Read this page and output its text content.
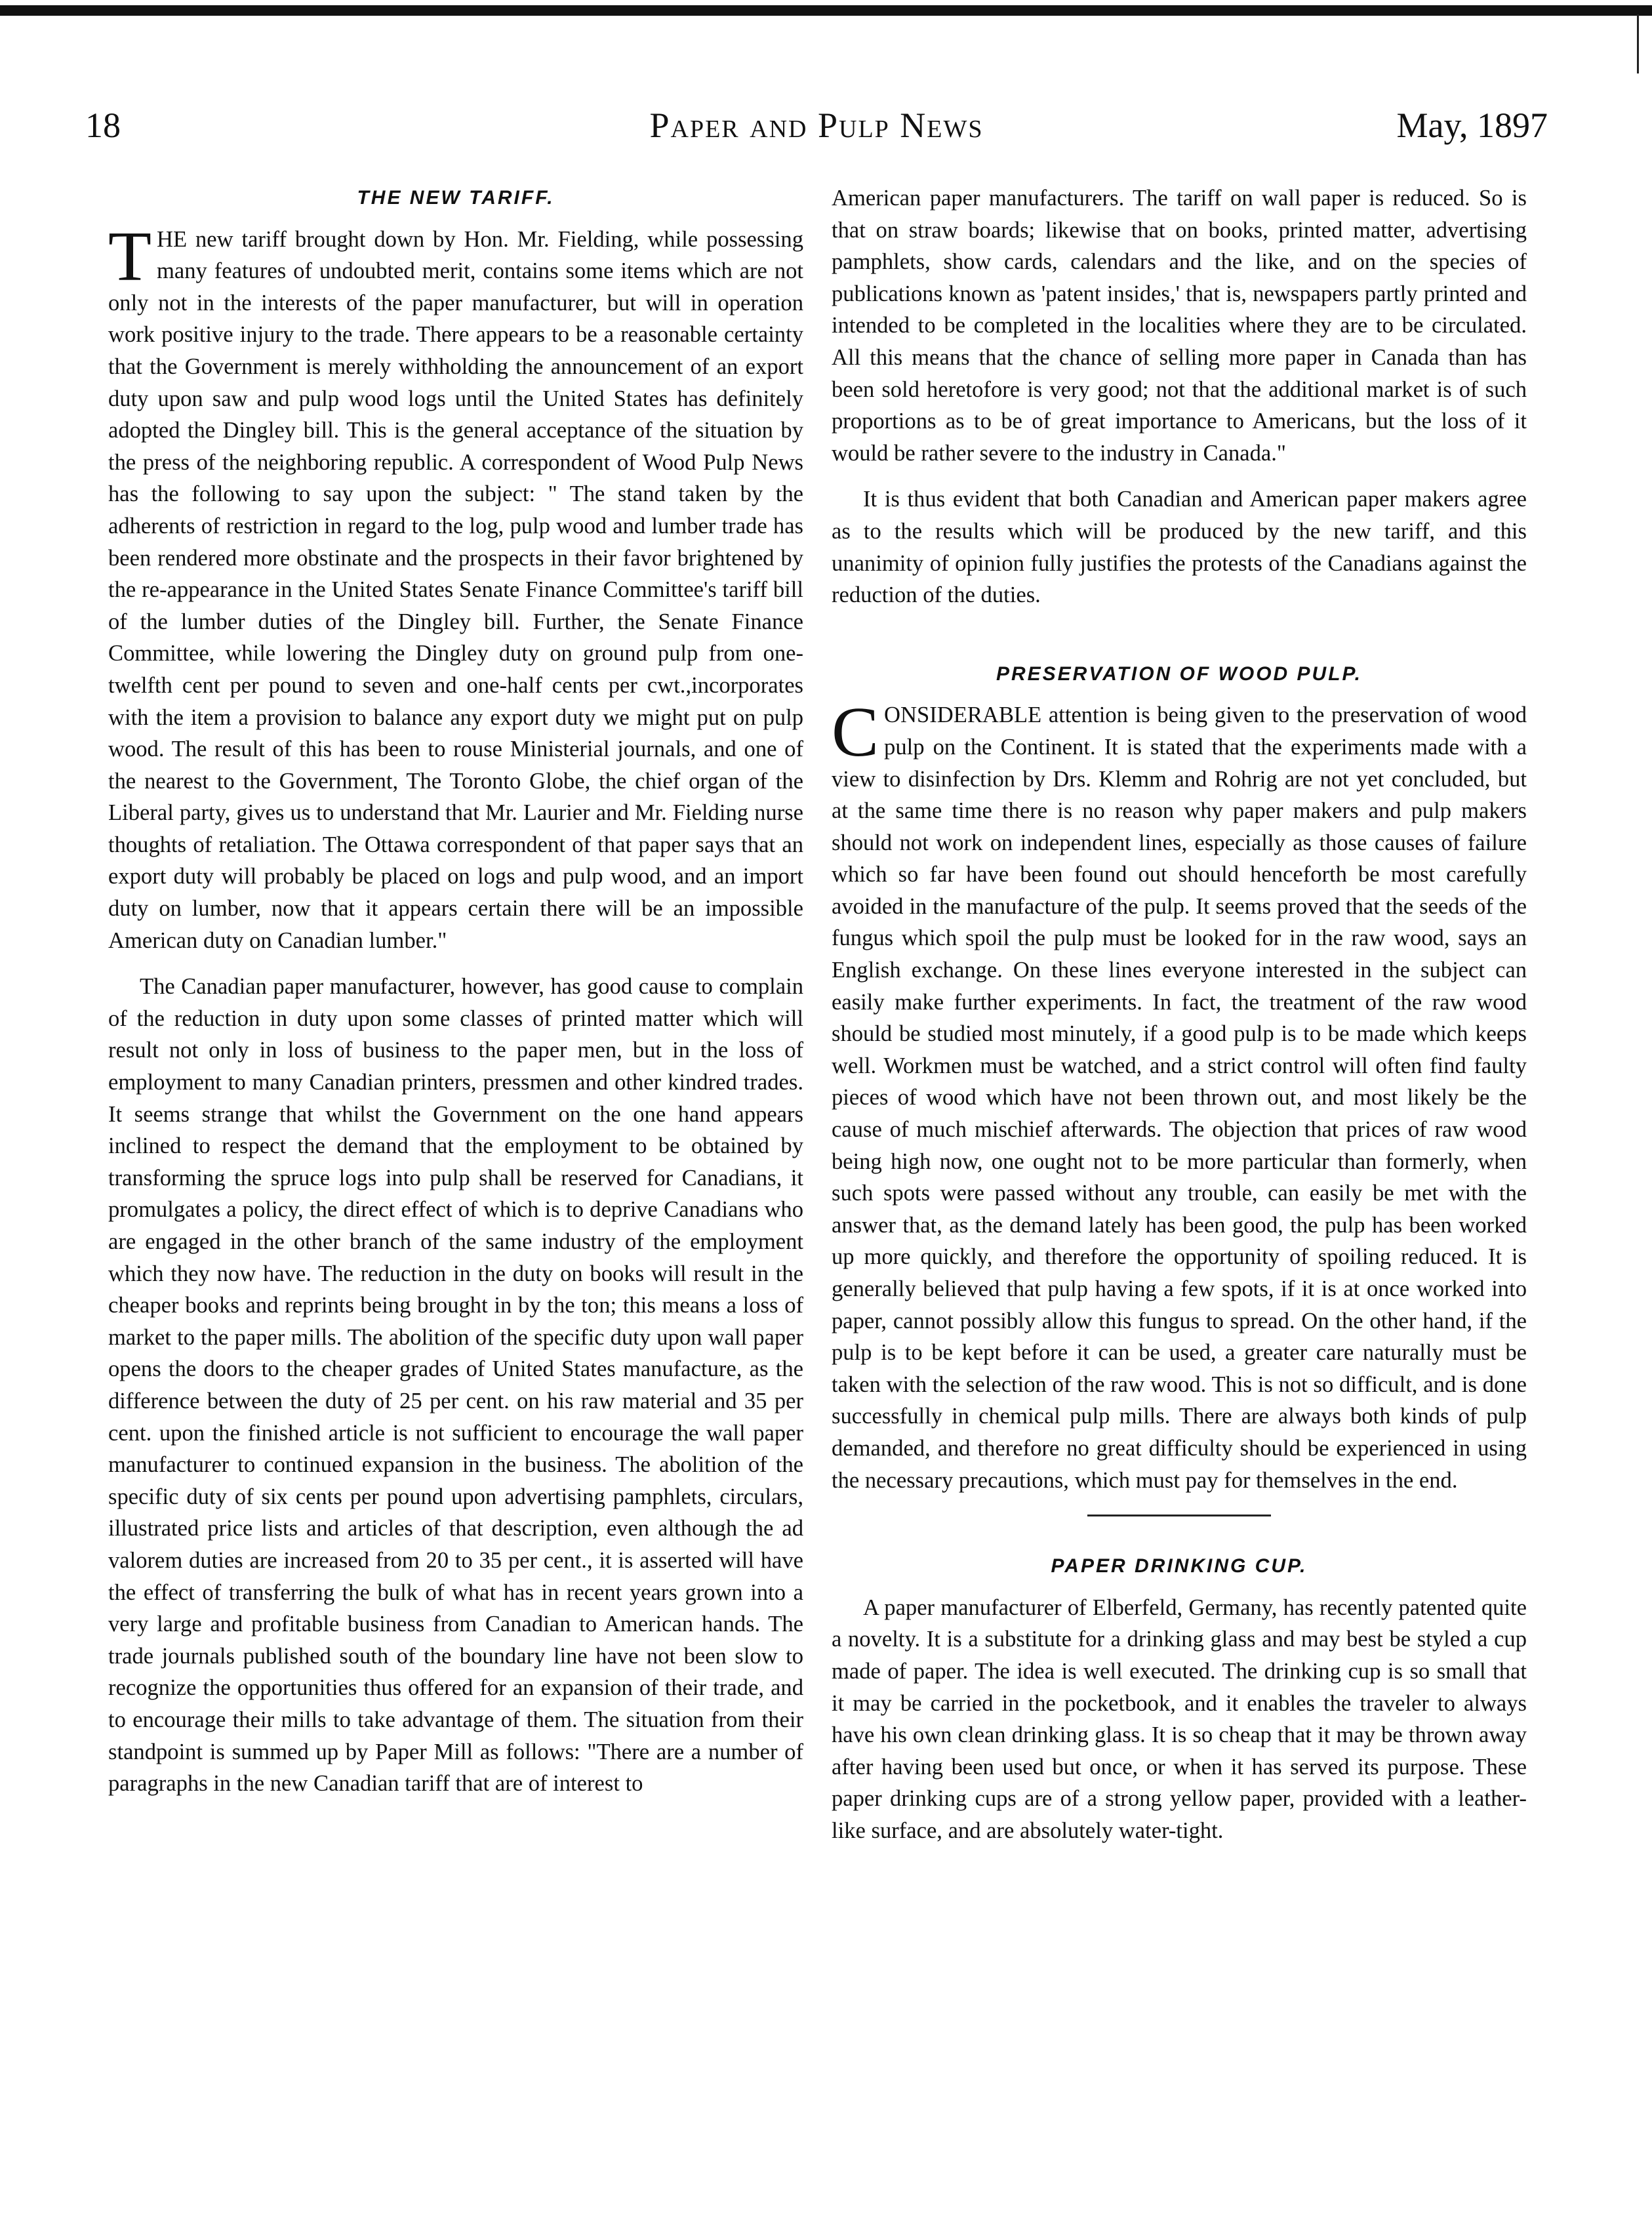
18	Paper and Pulp News	May, 1897
THE NEW TARIFF.

THE new tariff brought down by Hon. Mr. Fielding, while possessing many features of undoubted merit, contains some items which are not only not in the interests of the paper manufacturer, but will in operation work positive injury to the trade. There appears to be a reasonable certainty that the Government is merely withholding the announcement of an export duty upon saw and pulp wood logs until the United States has definitely adopted the Dingley bill. This is the general acceptance of the situation by the press of the neighboring republic. A correspondent of Wood Pulp News has the following to say upon the subject: " The stand taken by the adherents of restriction in regard to the log, pulp wood and lumber trade has been rendered more obstinate and the prospects in their favor brightened by the re-appearance in the United States Senate Finance Committee's tariff bill of the lumber duties of the Dingley bill. Further, the Senate Finance Committee, while lowering the Dingley duty on ground pulp from one-twelfth cent per pound to seven and one-half cents per cwt.,incorporates with the item a provision to balance any export duty we might put on pulp wood. The result of this has been to rouse Ministerial journals, and one of the nearest to the Government, The Toronto Globe, the chief organ of the Liberal party, gives us to understand that Mr. Laurier and Mr. Fielding nurse thoughts of retaliation. The Ottawa correspondent of that paper says that an export duty will probably be placed on logs and pulp wood, and an import duty on lumber, now that it appears certain there will be an impossible American duty on Canadian lumber."

The Canadian paper manufacturer, however, has good cause to complain of the reduction in duty upon some classes of printed matter which will result not only in loss of business to the paper men, but in the loss of employment to many Canadian printers, pressmen and other kindred trades. It seems strange that whilst the Government on the one hand appears inclined to respect the demand that the employment to be obtained by transforming the spruce logs into pulp shall be reserved for Canadians, it promulgates a policy, the direct effect of which is to deprive Canadians who are engaged in the other branch of the same industry of the employment which they now have. The reduction in the duty on books will result in the cheaper books and reprints being brought in by the ton; this means a loss of market to the paper mills. The abolition of the specific duty upon wall paper opens the doors to the cheaper grades of United States manufacture, as the difference between the duty of 25 per cent. on his raw material and 35 per cent. upon the finished article is not sufficient to encourage the wall paper manufacturer to continued expansion in the business. The abolition of the specific duty of six cents per pound upon advertising pamphlets, circulars, illustrated price lists and articles of that description, even although the ad valorem duties are increased from 20 to 35 per cent., it is asserted will have the effect of transferring the bulk of what has in recent years grown into a very large and profitable business from Canadian to American hands. The trade journals published south of the boundary line have not been slow to recognize the opportunities thus offered for an expansion of their trade, and to encourage their mills to take advantage of them. The situation from their standpoint is summed up by Paper Mill as follows: "There are a number of paragraphs in the new Canadian tariff that are of interest to

American paper manufacturers. The tariff on wall paper is reduced. So is that on straw boards; likewise that on books, printed matter, advertising pamphlets, show cards, calendars and the like, and on the species of publications known as 'patent insides,' that is, newspapers partly printed and intended to be completed in the localities where they are to be circulated. All this means that the chance of selling more paper in Canada than has been sold heretofore is very good; not that the additional market is of such proportions as to be of great importance to Americans, but the loss of it would be rather severe to the industry in Canada."

It is thus evident that both Canadian and American paper makers agree as to the results which will be produced by the new tariff, and this unanimity of opinion fully justifies the protests of the Canadians against the reduction of the duties.

PRESERVATION OF WOOD PULP.

CONSIDERABLE attention is being given to the preservation of wood pulp on the Continent. It is stated that the experiments made with a view to disinfection by Drs. Klemm and Rohrig are not yet concluded, but at the same time there is no reason why paper makers and pulp makers should not work on independent lines, especially as those causes of failure which so far have been found out should henceforth be most carefully avoided in the manufacture of the pulp. It seems proved that the seeds of the fungus which spoil the pulp must be looked for in the raw wood, says an English exchange. On these lines everyone interested in the subject can easily make further experiments. In fact, the treatment of the raw wood should be studied most minutely, if a good pulp is to be made which keeps well. Workmen must be watched, and a strict control will often find faulty pieces of wood which have not been thrown out, and most likely be the cause of much mischief afterwards. The objection that prices of raw wood being high now, one ought not to be more particular than formerly, when such spots were passed without any trouble, can easily be met with the answer that, as the demand lately has been good, the pulp has been worked up more quickly, and therefore the opportunity of spoiling reduced. It is generally believed that pulp having a few spots, if it is at once worked into paper, cannot possibly allow this fungus to spread. On the other hand, if the pulp is to be kept before it can be used, a greater care naturally must be taken with the selection of the raw wood. This is not so difficult, and is done successfully in chemical pulp mills. There are always both kinds of pulp demanded, and therefore no great difficulty should be experienced in using the necessary precautions, which must pay for themselves in the end.

PAPER DRINKING CUP.

A paper manufacturer of Elberfeld, Germany, has recently patented quite a novelty. It is a substitute for a drinking glass and may best be styled a cup made of paper. The idea is well executed. The drinking cup is so small that it may be carried in the pocketbook, and it enables the traveler to always have his own clean drinking glass. It is so cheap that it may be thrown away after having been used but once, or when it has served its purpose. These paper drinking cups are of a strong yellow paper, provided with a leather-like surface, and are absolutely water-tight.
